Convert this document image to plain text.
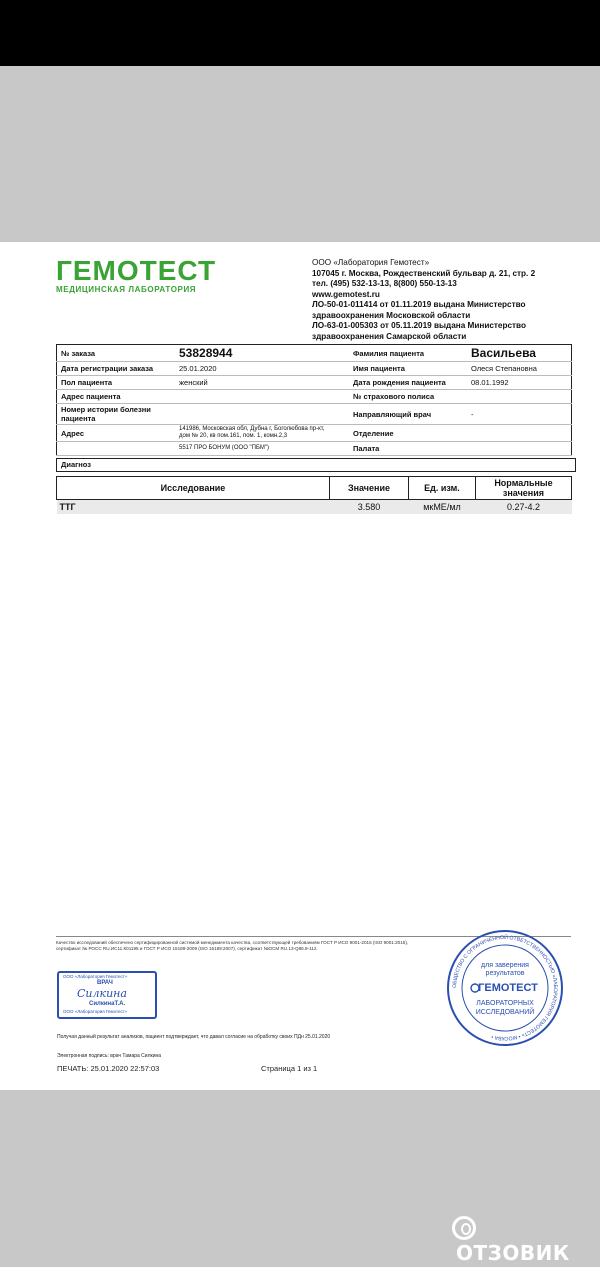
ГЕМОТЕСТ
МЕДИЦИНСКАЯ ЛАБОРАТОРИЯ
ООО «Лаборатория Гемотест»
107045 г. Москва, Рождественский бульвар д. 21, стр. 2
тел. (495) 532-13-13, 8(800) 550-13-13
www.gemotest.ru
ЛО-50-01-011414 от 01.11.2019 выдана Министерство
здравоохранения Московской области
ЛО-63-01-005303 от 05.11.2019 выдана Министерство
здравоохранения Самарской области
№ заказа	53828944	Фамилия пациента	Васильева
Дата регистрации заказа	25.01.2020	Имя пациента	Олеся Степановна
Пол пациента	женский	Дата рождения пациента	08.01.1992
Адрес пациента		№ страхового полиса	
Номер истории болезни пациента		Направляющий врач	-
Адрес	141986, Московская обл, Дубна г, Боголюбова пр-кт,
дом № 20, кв пом.161, пом. 1, комн.2,3	Отделение	
	5517 ПРО БОНУМ (ООО "ПБМ")	Палата	
Диагноз
Исследование	Значение	Ед. изм.	Нормальные значения
ТТГ	3.580	мкМЕ/мл	0.27-4.2
Качество исследований обеспечено сертифицированной системой менеджмента качества, соответствующей требованиям ГОСТ Р ИСО 9001-2015 (ISO 9001:2015), сертификат № РОСС RU.ИС11.К01195 и ГОСТ Р ИСО 15189-2009 (ISO 15189:2007), сертификат №ОСМ RU.13-Q86.9-112.
ООО «Лаборатория Гемотест»
ВРАЧ
Силкина
СилкинаТ.А.
ООО «Лаборатория Гемотест»
Получая данный результат анализов, пациент подтверждает, что давал согласие на обработку своих ПДн 25.01.2020
Электронная подпись: врач Тамара Силкина
ПЕЧАТЬ: 25.01.2020 22:57:03	Страница 1 из 1
ОБЩЕСТВО С ОГРАНИЧЕННОЙ ОТВЕТСТВЕННОСТЬЮ «ЛАБОРАТОРИЯ ГЕМОТЕСТ» • МОСКВА •
для заверения
результатов
ГЕМОТЕСТ
ЛАБОРАТОРНЫХ
ИССЛЕДОВАНИЙ
ОТЗОВИК
